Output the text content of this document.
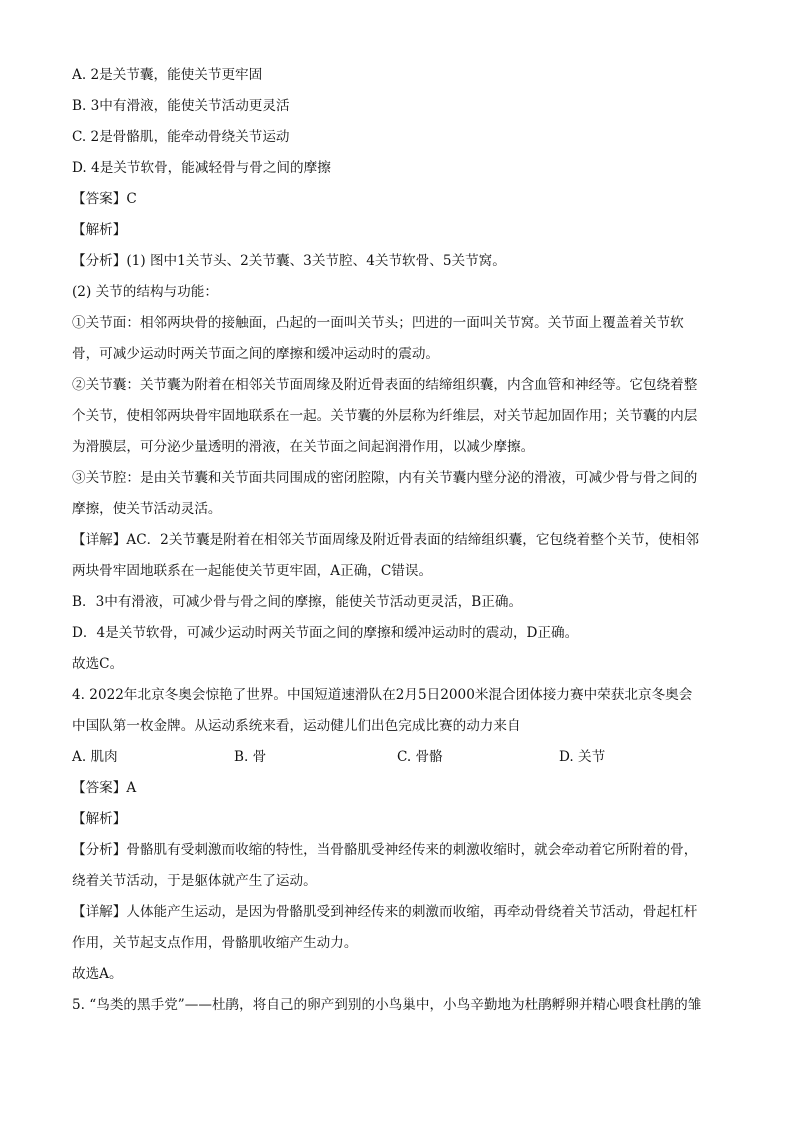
A. 2是关节囊，能使关节更牢固
B. 3中有滑液，能使关节活动更灵活
C. 2是骨骼肌，能牵动骨绕关节运动
D. 4是关节软骨，能减轻骨与骨之间的摩擦
【答案】C
【解析】
【分析】(1) 图中1关节头、2关节囊、3关节腔、4关节软骨、5关节窝。
(2) 关节的结构与功能：
①关节面：相邻两块骨的接触面，凸起的一面叫关节头；凹进的一面叫关节窝。关节面上覆盖着关节软
骨，可减少运动时两关节面之间的摩擦和缓冲运动时的震动。
②关节囊：关节囊为附着在相邻关节面周缘及附近骨表面的结缔组织囊，内含血管和神经等。它包绕着整
个关节，使相邻两块骨牢固地联系在一起。关节囊的外层称为纤维层，对关节起加固作用；关节囊的内层
为滑膜层，可分泌少量透明的滑液，在关节面之间起润滑作用，以减少摩擦。
③关节腔：是由关节囊和关节面共同围成的密闭腔隙，内有关节囊内壁分泌的滑液，可减少骨与骨之间的
摩擦，使关节活动灵活。
【详解】AC．2关节囊是附着在相邻关节面周缘及附近骨表面的结缔组织囊，它包绕着整个关节，使相邻
两块骨牢固地联系在一起能使关节更牢固，A正确，C错误。
B．3中有滑液，可减少骨与骨之间的摩擦，能使关节活动更灵活，B正确。
D．4是关节软骨，可减少运动时两关节面之间的摩擦和缓冲运动时的震动，D正确。
故选C。
4. 2022年北京冬奥会惊艳了世界。中国短道速滑队在2月5日2000米混合团体接力赛中荣获北京冬奥会
中国队第一枚金牌。从运动系统来看，运动健儿们出色完成比赛的动力来自
A. 肌肉	B. 骨	C. 骨骼	D. 关节
【答案】A
【解析】
【分析】骨骼肌有受刺激而收缩的特性，当骨骼肌受神经传来的刺激收缩时，就会牵动着它所附着的骨，
绕着关节活动，于是躯体就产生了运动。
【详解】人体能产生运动，是因为骨骼肌受到神经传来的刺激而收缩，再牵动骨绕着关节活动，骨起杠杆
作用，关节起支点作用，骨骼肌收缩产生动力。
故选A。
5. “鸟类的黑手党”——杜鹃，将自己的卵产到别的小鸟巢中，小鸟辛勤地为杜鹃孵卵并精心喂食杜鹃的雏
